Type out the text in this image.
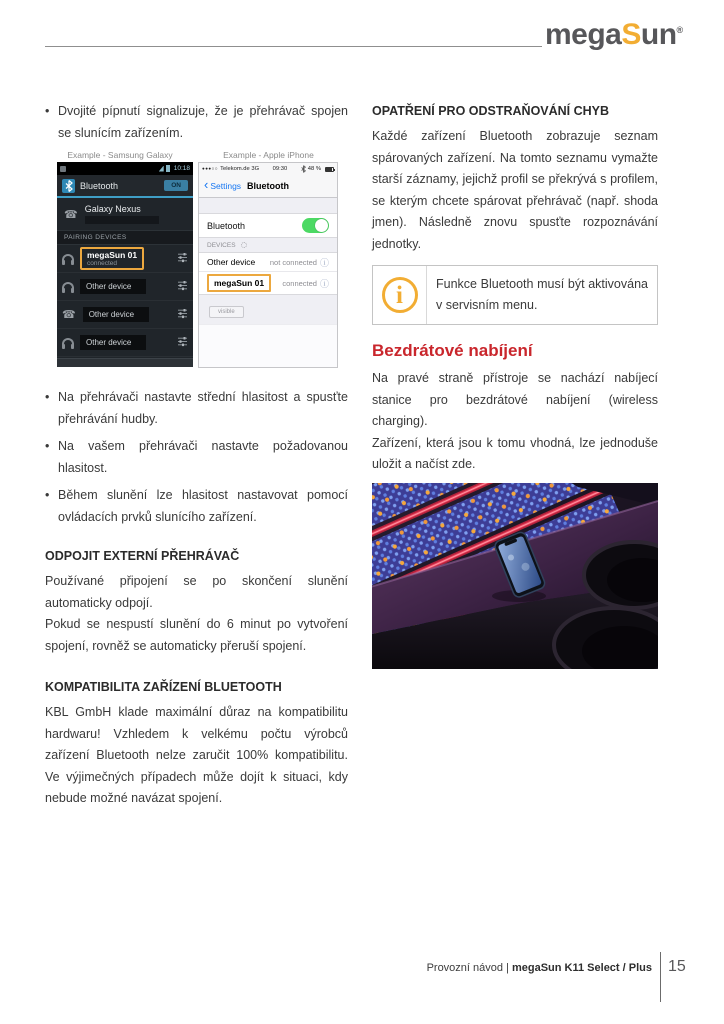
megaSun®
• Dvojité pípnutí signalizuje, že je přehrávač spojen se slunícím zařízením.
Example - Samsung Galaxy	Example - Apple iPhone
10:18
Bluetooth	ON
☎ Galaxy Nexus
PAIRING DEVICES
megaSun 01
connected
Other device
☎	Other device
Other device
●●●○○
Telekom.de 3G 09:30	48 %
‹
Settings Bluetooth
Bluetooth
DEVICES
Other device not connected
ⓘ
megaSun 01	connected
ⓘ
visible
• Na přehrávači nastavte střední hlasitost a spusťte přehrávání hudby.
• Na vašem přehrávači nastavte požadovanou hlasitost.
• Během slunění lze hlasitost nastavovat pomocí ovládacích prvků slunícího zařízení.
ODPOJIT EXTERNÍ PŘEHRÁVAČ

Používané připojení se po skončení slunění automaticky odpojí.

Pokud se nespustí slunění do 6 minut po vytvoření spojení, rovněž se automaticky přeruší spojení.

KOMPATIBILITA ZAŘÍZENÍ BLUETOOTH

KBL GmbH klade maximální důraz na kompatibilitu hardwaru! Vzhledem k velkému počtu výrobců zařízení Bluetooth nelze zaručit 100% kompatibilitu. Ve výjimečných případech může dojít k situaci, kdy nebude možné navázat spojení.

OPATŘENÍ PRO ODSTRAŇOVÁNÍ CHYB

Každé zařízení Bluetooth zobrazuje seznam spárovaných zařízení. Na tomto seznamu vymažte starší záznamy, jejichž profil se překrývá s profilem, se kterým chcete spárovat přehrávač (např. shoda jmen). Následně znovu spusťte rozpoznávání jednotky.

i	Funkce Bluetooth musí být aktivována v servisním menu.
Bezdrátové nabíjení

Na pravé straně přístroje se nachází nabíjecí stanice pro bezdrátové nabíjení (wireless charging).

Zařízení, která jsou k tomu vhodná, lze jednoduše uložit a načíst zde.

Provozní návod | megaSun K11 Select / Plus 15
